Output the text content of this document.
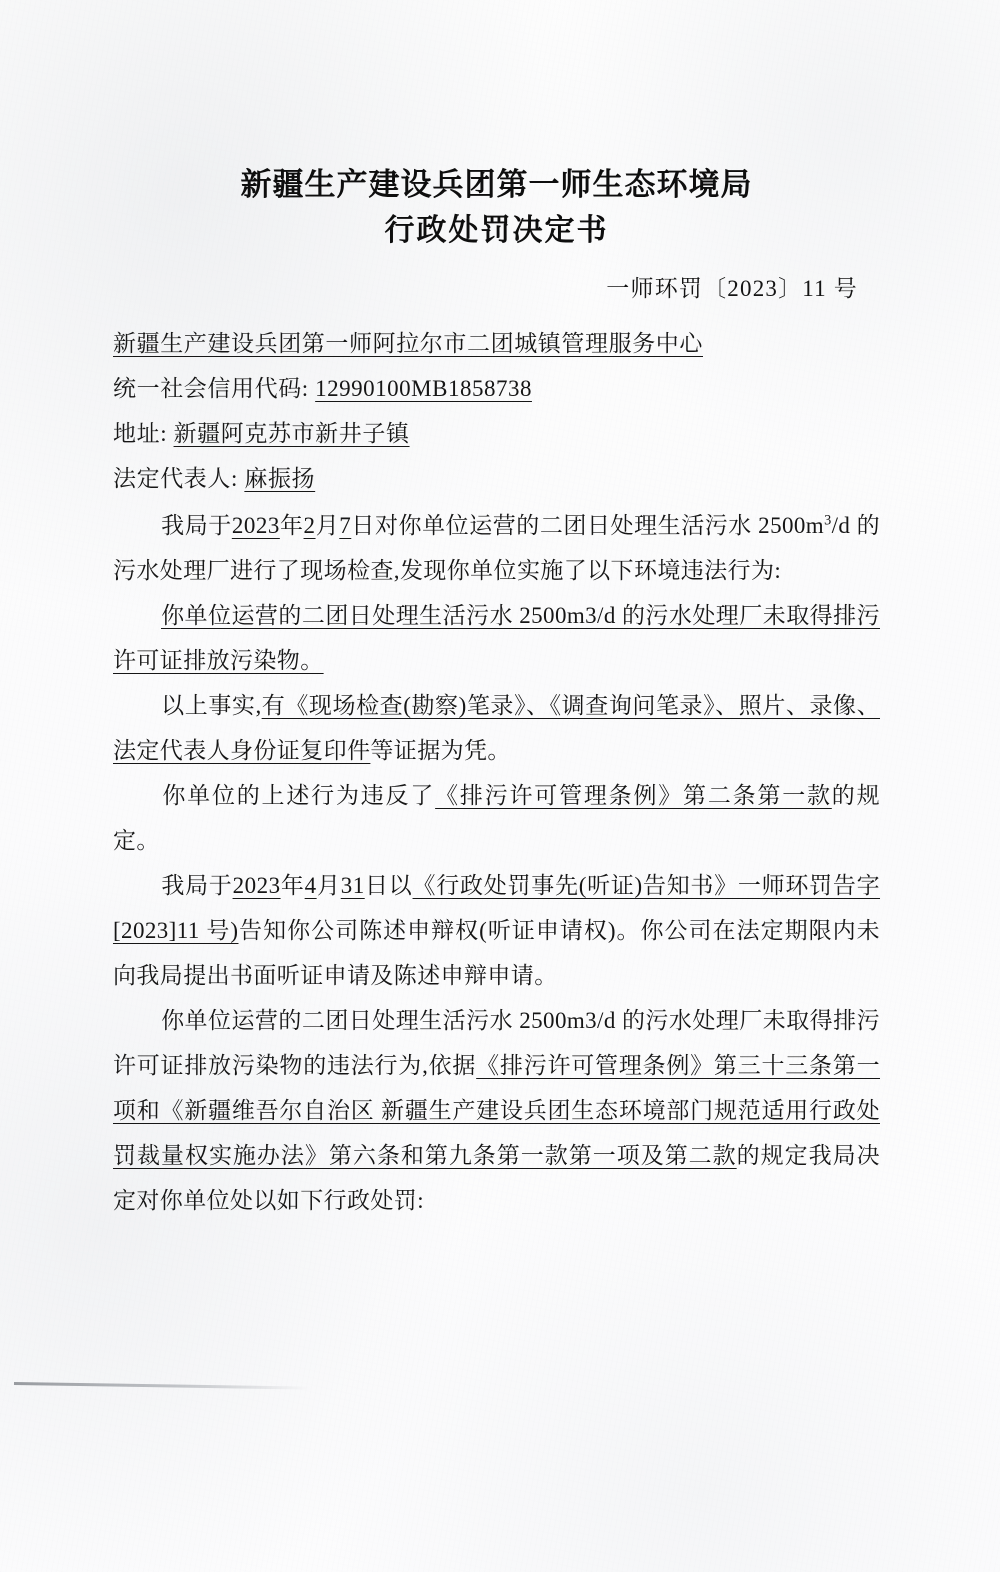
新疆生产建设兵团第一师生态环境局
行政处罚决定书
一师环罚〔2023〕11 号
新疆生产建设兵团第一师阿拉尔市二团城镇管理服务中心
统一社会信用代码: 12990100MB1858738
地址: 新疆阿克苏市新井子镇
法定代表人: 麻振扬

我局于2023年2月7日对你单位运营的二团日处理生活污水 $2500m^3/d$ 的污水处理厂进行了现场检查,发现你单位实施了以下环境违法行为:

你单位运营的二团日处理生活污水 2500m3/d 的污水处理厂未取得排污许可证排放污染物。

以上事实,有《现场检查(勘察)笔录》、《调查询问笔录》、照片、录像、法定代表人身份证复印件等证据为凭。

你单位的上述行为违反了《排污许可管理条例》第二条第一款的规定。

我局于2023年4月31日以《行政处罚事先(听证)告知书》一师环罚告字[2023]11 号)告知你公司陈述申辩权(听证申请权)。你公司在法定期限内未向我局提出书面听证申请及陈述申辩申请。

你单位运营的二团日处理生活污水 2500m3/d 的污水处理厂未取得排污许可证排放污染物的违法行为,依据《排污许可管理条例》第三十三条第一项和《新疆维吾尔自治区 新疆生产建设兵团生态环境部门规范适用行政处罚裁量权实施办法》第六条和第九条第一款第一项及第二款的规定我局决定对你单位处以如下行政处罚:
